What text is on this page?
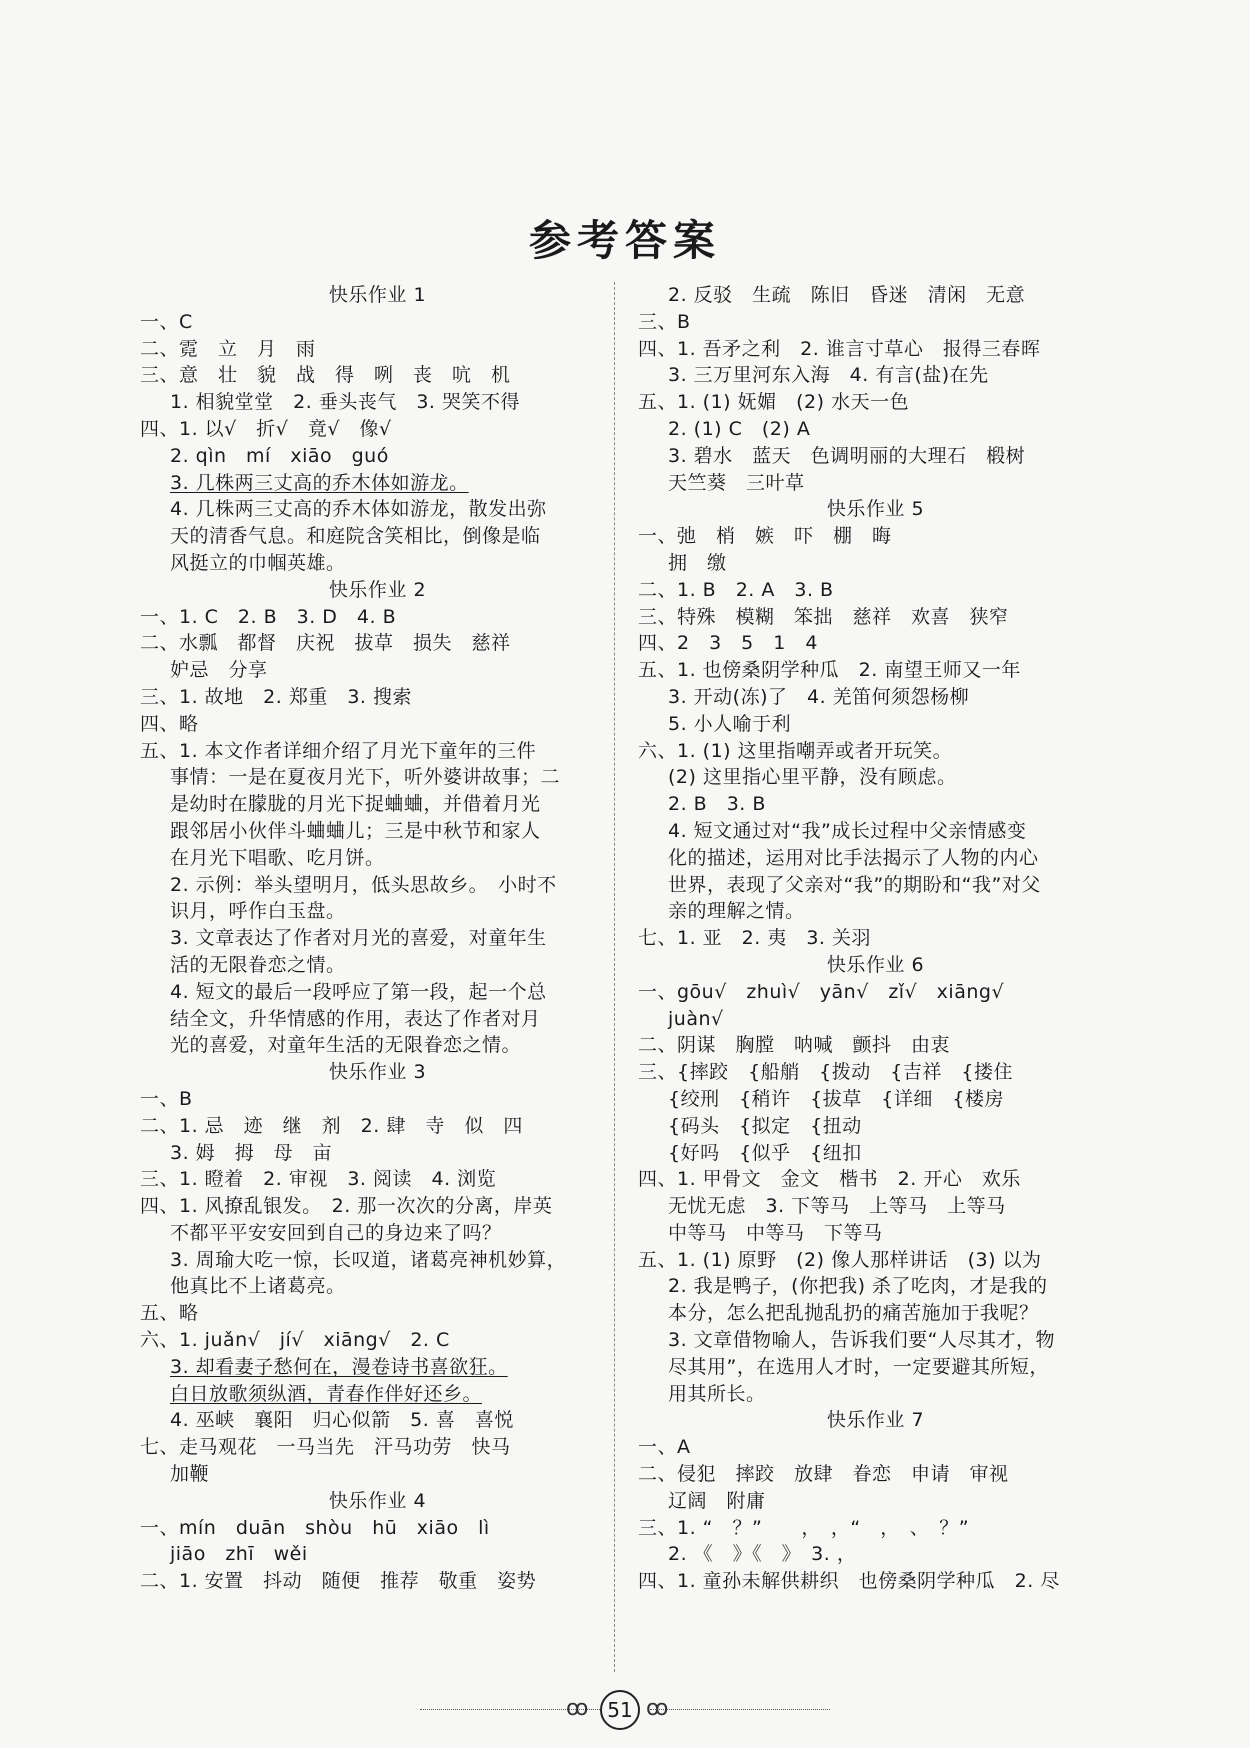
参考答案
快乐作业 1
一、C
二、霓　立　月　雨
三、意　壮　貌　战　得　咧　丧　吭　机
1. 相貌堂堂　2. 垂头丧气　3. 哭笑不得
四、1. 以√　折√　竟√　像√
2. qìn　mí　xiāo　guó
3. 几株两三丈高的乔木体如游龙。
4. 几株两三丈高的乔木体如游龙，散发出弥
天的清香气息。和庭院含笑相比，倒像是临
风挺立的巾帼英雄。
快乐作业 2
一、1. C　2. B　3. D　4. B
二、水瓢　都督　庆祝　拔草　损失　慈祥
妒忌　分享
三、1. 故地　2. 郑重　3. 搜索
四、略
五、1. 本文作者详细介绍了月光下童年的三件
事情：一是在夏夜月光下，听外婆讲故事；二
是幼时在朦胧的月光下捉蛐蛐，并借着月光
跟邻居小伙伴斗蛐蛐儿；三是中秋节和家人
在月光下唱歌、吃月饼。
2. 示例：举头望明月，低头思故乡。　小时不
识月，呼作白玉盘。
3. 文章表达了作者对月光的喜爱，对童年生
活的无限眷恋之情。
4. 短文的最后一段呼应了第一段，起一个总
结全文，升华情感的作用，表达了作者对月
光的喜爱，对童年生活的无限眷恋之情。
快乐作业 3
一、B
二、1. 忌　迹　继　剂　2. 肆　寺　似　四
3. 姆　拇　母　亩
三、1. 瞪着　2. 审视　3. 阅读　4. 浏览
四、1. 风撩乱银发。　2. 那一次次的分离，岸英
不都平平安安回到自己的身边来了吗？
3. 周瑜大吃一惊，长叹道，诸葛亮神机妙算，
他真比不上诸葛亮。
五、略
六、1. juǎn√　jí√　xiāng√　2. C
3. 却看妻子愁何在，漫卷诗书喜欲狂。
白日放歌须纵酒，青春作伴好还乡。
4. 巫峡　襄阳　归心似箭　5. 喜　喜悦
七、走马观花　一马当先　汗马功劳　快马
加鞭
快乐作业 4
一、mín　duān　shòu　hū　xiāo　lì
jiāo　zhī　wěi
二、1. 安置　抖动　随便　推荐　敬重　姿势
2. 反驳　生疏　陈旧　昏迷　清闲　无意
三、B
四、1. 吾矛之利　2. 谁言寸草心　报得三春晖
3. 三万里河东入海　4. 有言(盐)在先
五、1. (1) 妩媚　(2) 水天一色
2. (1) C　(2) A
3. 碧水　蓝天　色调明丽的大理石　椴树
天竺葵　三叶草
快乐作业 5
一、弛　梢　嫉　吓　棚　晦
拥　缴
二、1. B　2. A　3. B
三、特殊　模糊　笨拙　慈祥　欢喜　狭窄
四、2　3　5　1　4
五、1. 也傍桑阴学种瓜　2. 南望王师又一年
3. 开动(冻)了　4. 羌笛何须怨杨柳
5. 小人喻于利
六、1. (1) 这里指嘲弄或者开玩笑。
(2) 这里指心里平静，没有顾虑。
2. B　3. B
4. 短文通过对“我”成长过程中父亲情感变
化的描述，运用对比手法揭示了人物的内心
世界，表现了父亲对“我”的期盼和“我”对父
亲的理解之情。
七、1. 亚　2. 夷　3. 关羽
快乐作业 6
一、gōu√　zhuì√　yān√　zǐ√　xiāng√
juàn√
二、阴谋　胸膛　呐喊　颤抖　由衷
三、{摔跤　{船艄　{拨动　{吉祥　{搂住
{绞刑　{稍许　{拔草　{详细　{楼房
{码头　{拟定　{扭动
{好吗　{似乎　{纽扣
四、1. 甲骨文　金文　楷书　2. 开心　欢乐
无忧无虑　3. 下等马　上等马　上等马
中等马　中等马　下等马
五、1. (1) 原野　(2) 像人那样讲话　(3) 以为
2. 我是鸭子，(你把我) 杀了吃肉，才是我的
本分，怎么把乱抛乱扔的痛苦施加于我呢？
3. 文章借物喻人，告诉我们要“人尽其才，物
尽其用”，在选用人才时，一定要避其所短，
用其所长。
快乐作业 7
一、A
二、侵犯　摔跤　放肆　眷恋　申请　审视
辽阔　附庸
三、1. “　？”　　，　，“　，　、　？”
2. 《　》《　》　3. ，
四、1. 童孙未解供耕织　也傍桑阴学种瓜　2. 尽
ꝏ 51 ꝏ
